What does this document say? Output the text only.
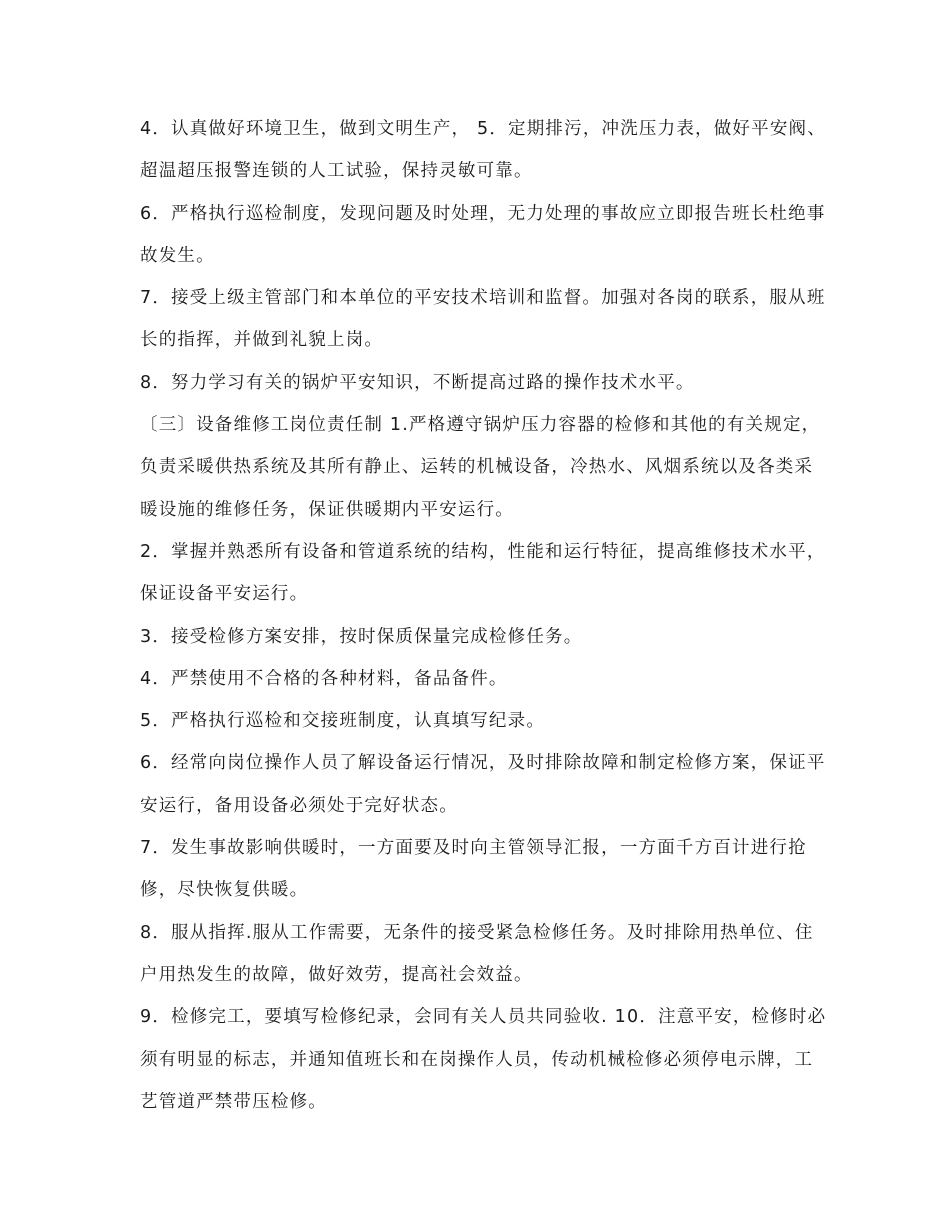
4．认真做好环境卫生，做到文明生产， 5．定期排污，冲洗压力表，做好平安阀、超温超压报警连锁的人工试验，保持灵敏可靠。

6．严格执行巡检制度，发现问题及时处理，无力处理的事故应立即报告班长杜绝事故发生。

7．接受上级主管部门和本单位的平安技术培训和监督。加强对各岗的联系，服从班长的指挥，并做到礼貌上岗。

8．努力学习有关的锅炉平安知识，不断提高过路的操作技术水平。

〔三〕设备维修工岗位责任制 1.严格遵守锅炉压力容器的检修和其他的有关规定，负责采暖供热系统及其所有静止、运转的机械设备，冷热水、风烟系统以及各类采暖设施的维修任务，保证供暖期内平安运行。

2．掌握并熟悉所有设备和管道系统的结构，性能和运行特征，提高维修技术水平，保证设备平安运行。

3．接受检修方案安排，按时保质保量完成检修任务。

4．严禁使用不合格的各种材料，备品备件。

5．严格执行巡检和交接班制度，认真填写纪录。

6．经常向岗位操作人员了解设备运行情况，及时排除故障和制定检修方案，保证平安运行，备用设备必须处于完好状态。

7．发生事故影响供暖时，一方面要及时向主管领导汇报，一方面千方百计进行抢修，尽快恢复供暖。

8．服从指挥.服从工作需要，无条件的接受紧急检修任务。及时排除用热单位、住户用热发生的故障，做好效劳，提高社会效益。

9．检修完工，要填写检修纪录，会同有关人员共同验收. 10．注意平安，检修时必须有明显的标志，并通知值班长和在岗操作人员，传动机械检修必须停电示牌，工艺管道严禁带压检修。
